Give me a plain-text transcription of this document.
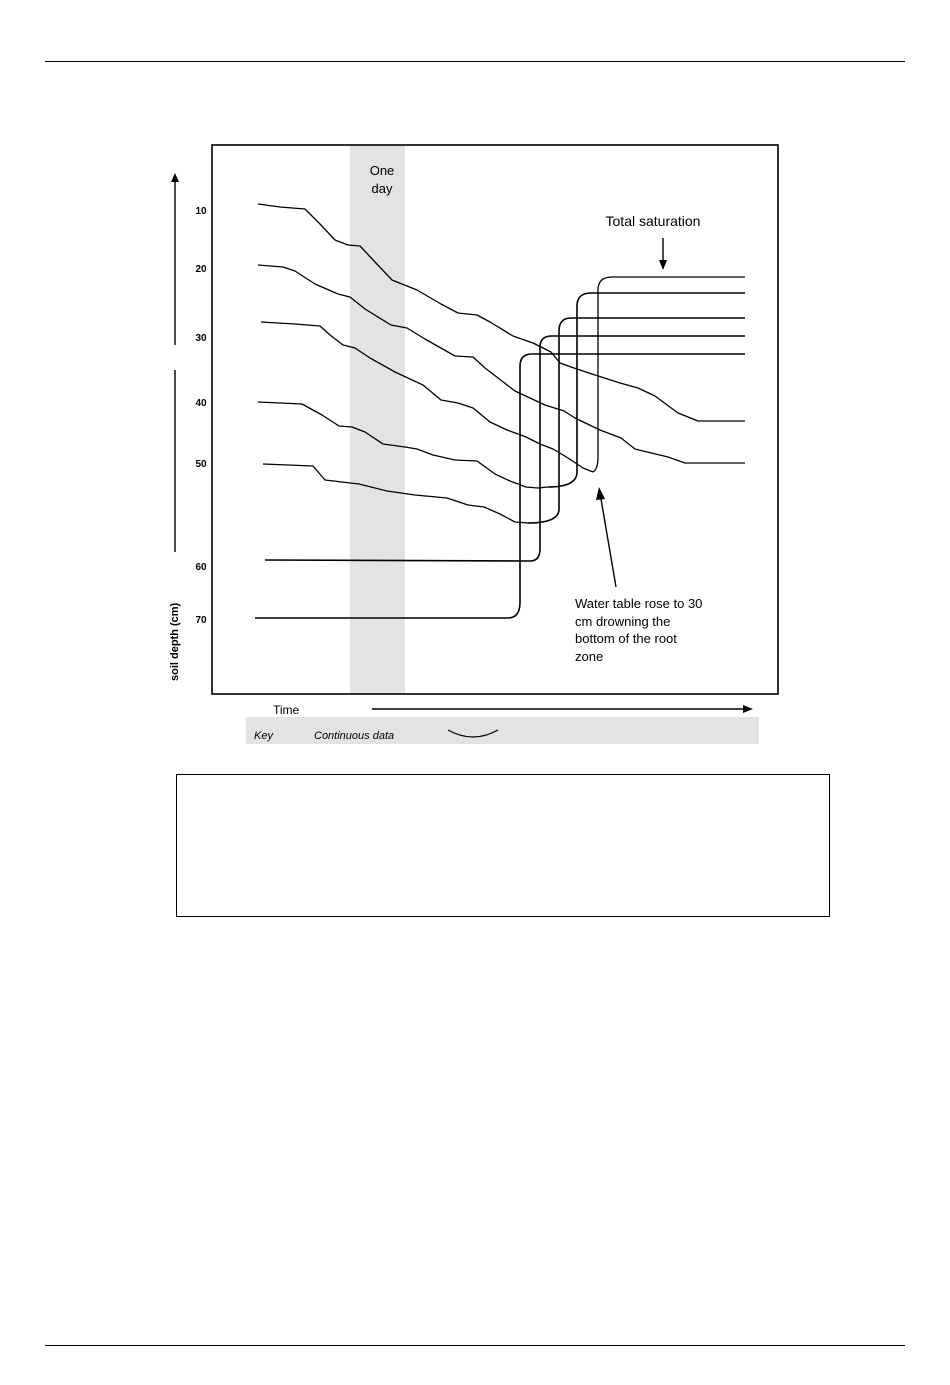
One
day
soil depth (cm)
10
20
30
40
50
60
70
Total saturation
Water table rose to 30
cm drowning the
bottom of the root
zone
Time
Key	Continuous data
